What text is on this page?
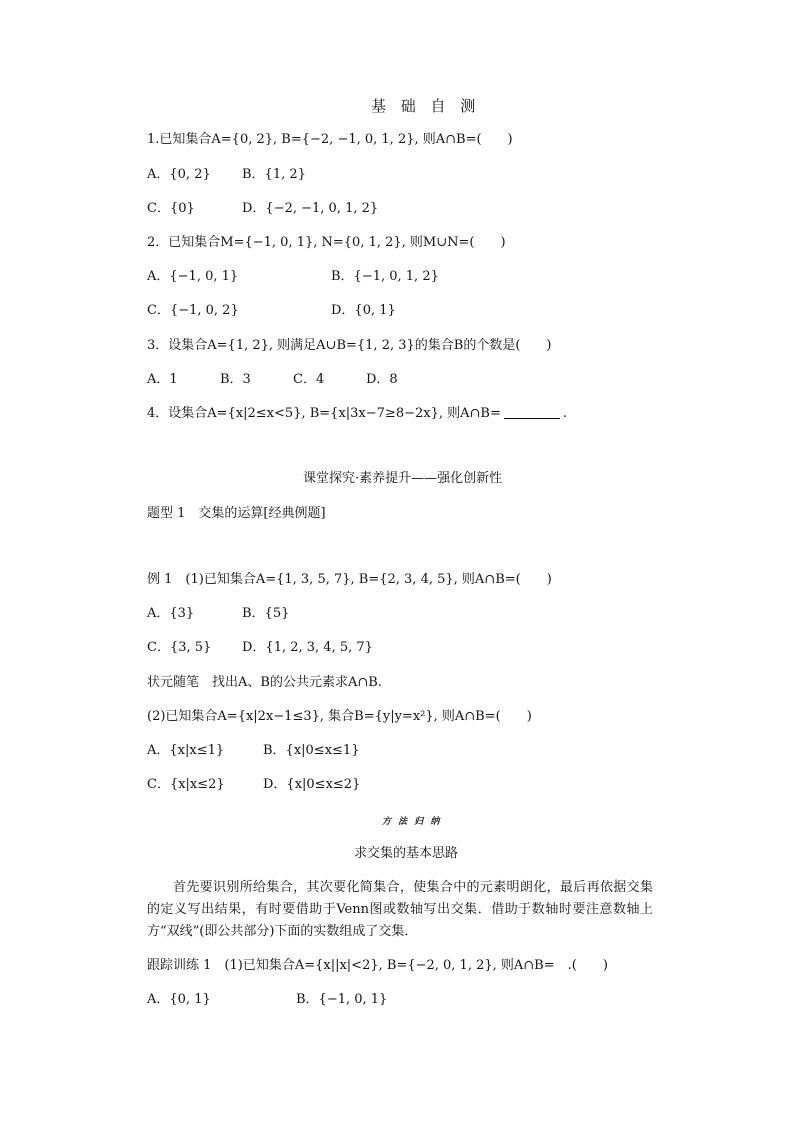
基 础 自 测
1.已知集合A={0, 2}, B={−2, −1, 0, 1, 2}, 则A∩B=(　　)
A．{0, 2} B．{1, 2}
C．{0}	D．{−2, −1, 0, 1, 2}
2．已知集合M={−1, 0, 1}, N={0, 1, 2}, 则M∪N=(　　)
A．{−1, 0, 1}	B．{−1, 0, 1, 2}
C．{−1, 0, 2}	D．{0, 1}
3．设集合A={1, 2}, 则满足A∪B={1, 2, 3}的集合B的个数是(　　)
A．1	B．3	C．4	D．8
4．设集合A={x|2≤x<5}, B={x|3x−7≥8−2x}, 则A∩B=	.
课堂探究·素养提升——强化创新性
题型 1　交集的运算[经典例题]
例 1　(1)已知集合A={1, 3, 5, 7}, B={2, 3, 4, 5}, 则A∩B=(　　)
A．{3}	B．{5}
C．{3, 5} D．{1, 2, 3, 4, 5, 7}
状元随笔　找出A、B的公共元素求A∩B.
(2)已知集合A={x|2x−1≤3}, 集合B={y|y=x²}, 则A∩B=(　　)
A．{x|x≤1}	B．{x|0≤x≤1}
C．{x|x≤2}	D．{x|0≤x≤2}
方 法 归 纳
求交集的基本思路
首先要识别所给集合，其次要化简集合，使集合中的元素明朗化，最后再依据交集的定义写出结果，有时要借助于Venn图或数轴写出交集．借助于数轴时要注意数轴上方“双线”(即公共部分)下面的实数组成了交集．
跟踪训练 1　(1)已知集合A={x||x|<2}, B={−2, 0, 1, 2}, 则A∩B=　.(　　)
A．{0, 1}	B．{−1, 0, 1}
